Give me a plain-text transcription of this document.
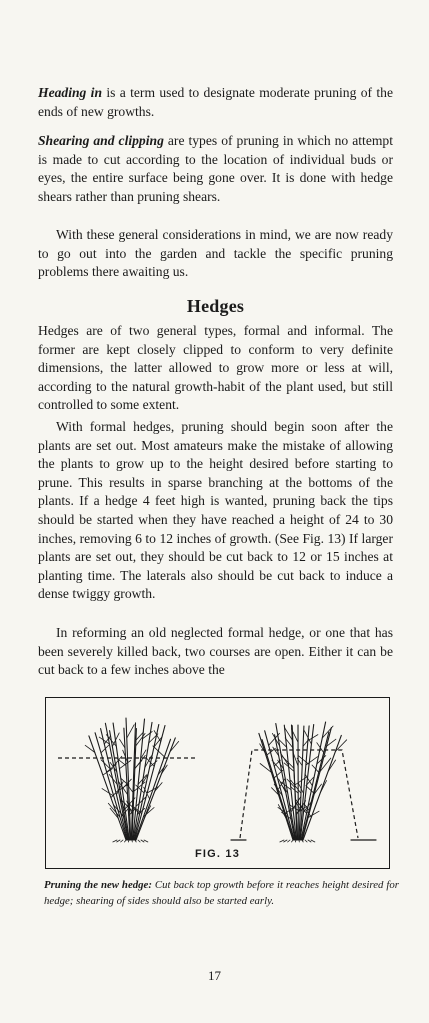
Heading in is a term used to designate moderate pruning of the ends of new growths.

Shearing and clipping are types of pruning in which no attempt is made to cut according to the location of individual buds or eyes, the entire surface being gone over. It is done with hedge shears rather than pruning shears.

With these general considerations in mind, we are now ready to go out into the garden and tackle the specific pruning problems there awaiting us.

Hedges

Hedges are of two general types, formal and informal. The former are kept closely clipped to conform to very definite dimensions, the latter allowed to grow more or less at will, according to the natural growth-habit of the plant used, but still controlled to some extent.

With formal hedges, pruning should begin soon after the plants are set out. Most amateurs make the mistake of allowing the plants to grow up to the height desired before starting to prune. This results in sparse branching at the bottoms of the plants. If a hedge 4 feet high is wanted, pruning back the tips should be started when they have reached a height of 24 to 30 inches, removing 6 to 12 inches of growth. (See Fig. 13) If larger plants are set out, they should be cut back to 12 or 15 inches at planting time. The laterals also should be cut back to induce a dense twiggy growth.

In reforming an old neglected formal hedge, or one that has been severely killed back, two courses are open. Either it can be cut back to a few inches above the

FIG. 13

Pruning the new hedge: Cut back top growth before it reaches height desired for hedge; shearing of sides should also be started early.

17
